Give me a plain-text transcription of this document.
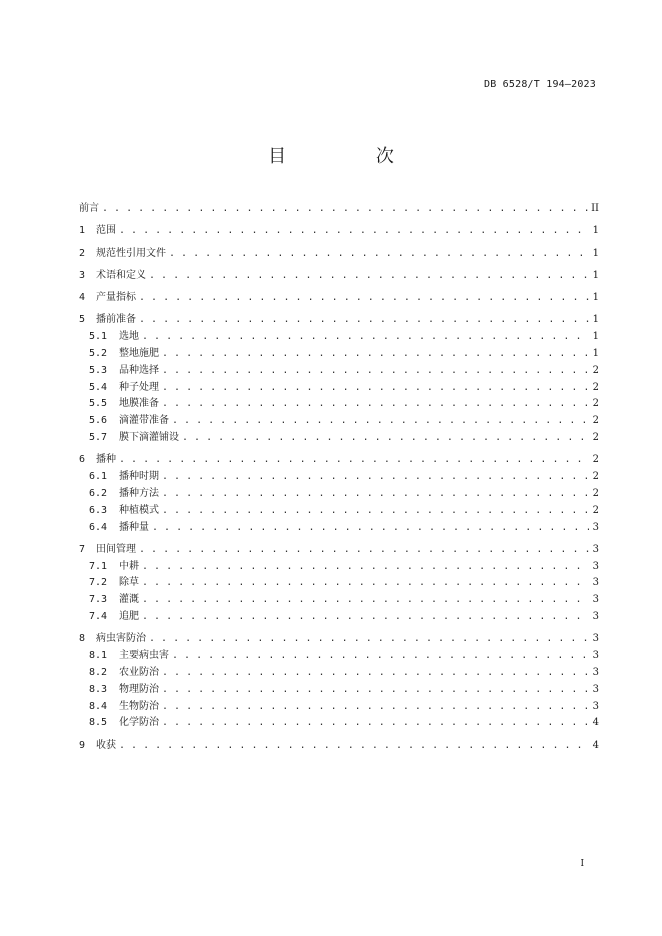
DB 6528/T 194—2023
目 次
前言 . . .	II
1	范围 . . .	1
2	规范性引用文件 . . .	1
3	术语和定义 . . .	1
4	产量指标 . . .	1
5	播前准备 . . .	1
5.1	选地 . . .	1
5.2	整地施肥 . . .	1
5.3	品种选择 . . .	2
5.4	种子处理 . . .	2
5.5	地膜准备 . . .	2
5.6	滴灌带准备 . . .	2
5.7	膜下滴灌铺设 . . .	2
6	播种 . . .	2
6.1	播种时期 . . .	2
6.2	播种方法 . . .	2
6.3	种植模式 . . .	2
6.4	播种量 . . .	3
7	田间管理 . . .	3
7.1	中耕 . . .	3
7.2	除草 . . .	3
7.3	灌溉 . . .	3
7.4	追肥 . . .	3
8	病虫害防治 . . .	3
8.1	主要病虫害 . . .	3
8.2	农业防治 . . .	3
8.3	物理防治 . . .	3
8.4	生物防治 . . .	3
8.5	化学防治 . . .	4
9	收获 . . .	4
I
